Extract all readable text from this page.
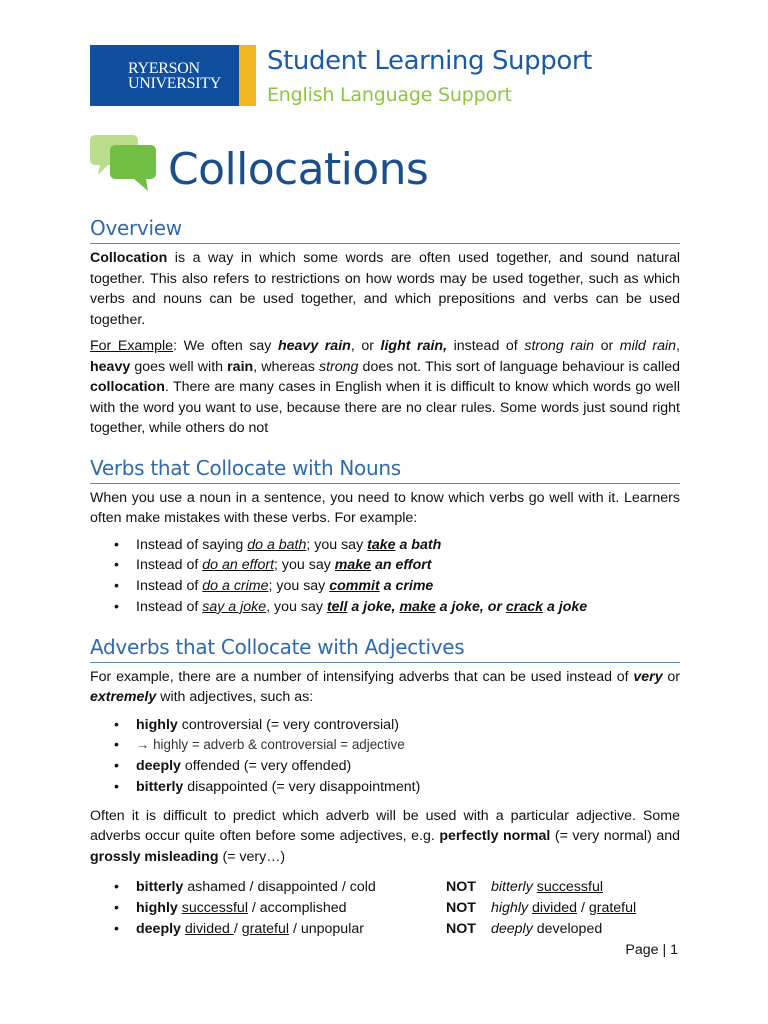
RYERSON
UNIVERSITY
Student Learning Support
English Language Support
Collocations
Overview

Collocation is a way in which some words are often used together, and sound natural together. This also refers to restrictions on how words may be used together, such as which verbs and nouns can be used together, and which prepositions and verbs can be used together.

For Example: We often say heavy rain, or light rain, instead of strong rain or mild rain, heavy goes well with rain, whereas strong does not. This sort of language behaviour is called collocation. There are many cases in English when it is difficult to know which words go well with the word you want to use, because there are no clear rules. Some words just sound right together, while others do not

Verbs that Collocate with Nouns

When you use a noun in a sentence, you need to know which verbs go well with it. Learners often make mistakes with these verbs. For example:

• Instead of saying do a bath; you say take a bath
• Instead of do an effort; you say make an effort
• Instead of do a crime; you say commit a crime
• Instead of say a joke, you say tell a joke, make a joke, or crack a joke
Adverbs that Collocate with Adjectives

For example, there are a number of intensifying adverbs that can be used instead of very or extremely with adjectives, such as:

• highly controversial (= very controversial)
• → highly = adverb & controversial = adjective
• deeply offended (= very offended)
• bitterly disappointed (= very disappointment)

Often it is difficult to predict which adverb will be used with a particular adjective. Some adverbs occur quite often before some adjectives, e.g. perfectly normal (= very normal) and grossly misleading (= very…)

• bitterly ashamed / disappointed / cold	NOT	bitterly successful
• highly successful / accomplished	NOT	highly divided / grateful
• deeply divided / grateful / unpopular	NOT	deeply developed
Page | 1
